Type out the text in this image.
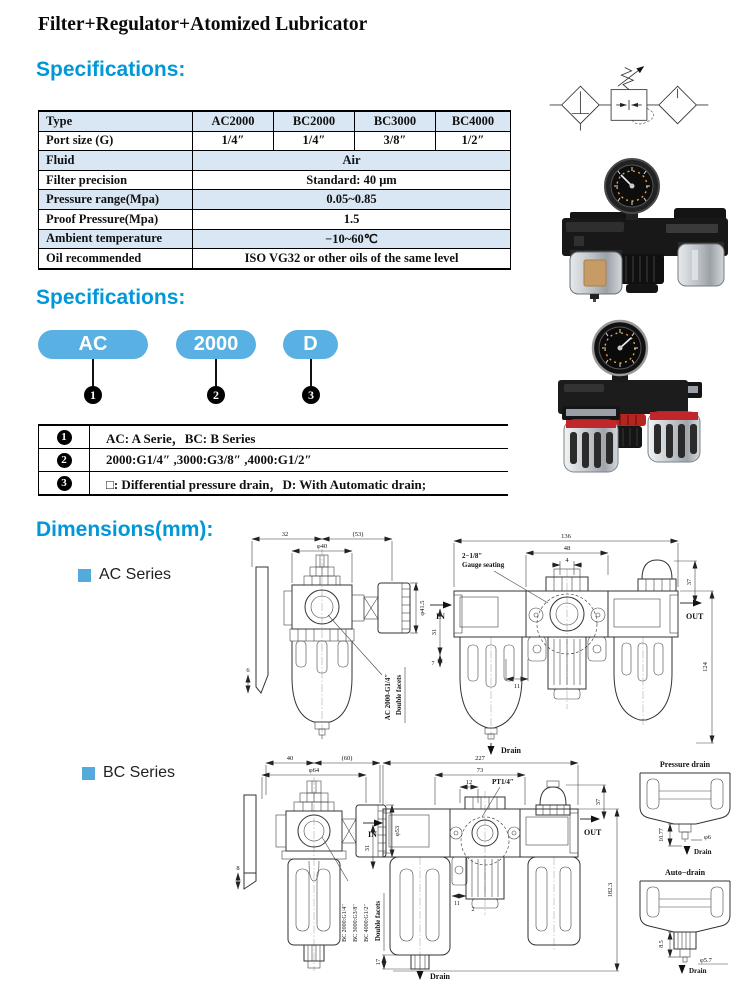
Filter+Regulator+Atomized Lubricator
Specifications:
Type	AC2000	BC2000	BC3000	BC4000
Port size (G)	1/4″	1/4″	3/8″	1/2″
Fluid	Air
Filter precision	Standard: 40 μm
Pressure range(Mpa)	0.05~0.85
Proof Pressure(Mpa)	1.5
Ambient temperature	−10~60℃
Oil recommended	ISO VG32 or other oils of the same level
Specifications:
AC	2000	D
1	2	3
1	AC: A Serie，BC: B Series
2	2000:G1/4″ ,3000:G3/8″ ,4000:G1/2″
3	□: Differential pressure drain，D: With Automatic drain;
Dimensions(mm):
AC Series
32	(53)
φ40
φ41.5
6
AC 2000-G1/4″ Double facets
136
48
4
2−1/8″
Gauge seating
IN
31
7
11
OUT
37
124
Drain
BC Series
40	(60)
φ64
φ53
8
BC 2000:G1/4″ BC 3000:G3/8″ BC 4000:G1/2″ Double facets
227
73
12	PT1/4″
IN
31
OUT
37
182.3
11
2
17
Drain
Pressure drain
10.77	φ6
Drain
Auto−drain
8.5
φ5.7
Drain
